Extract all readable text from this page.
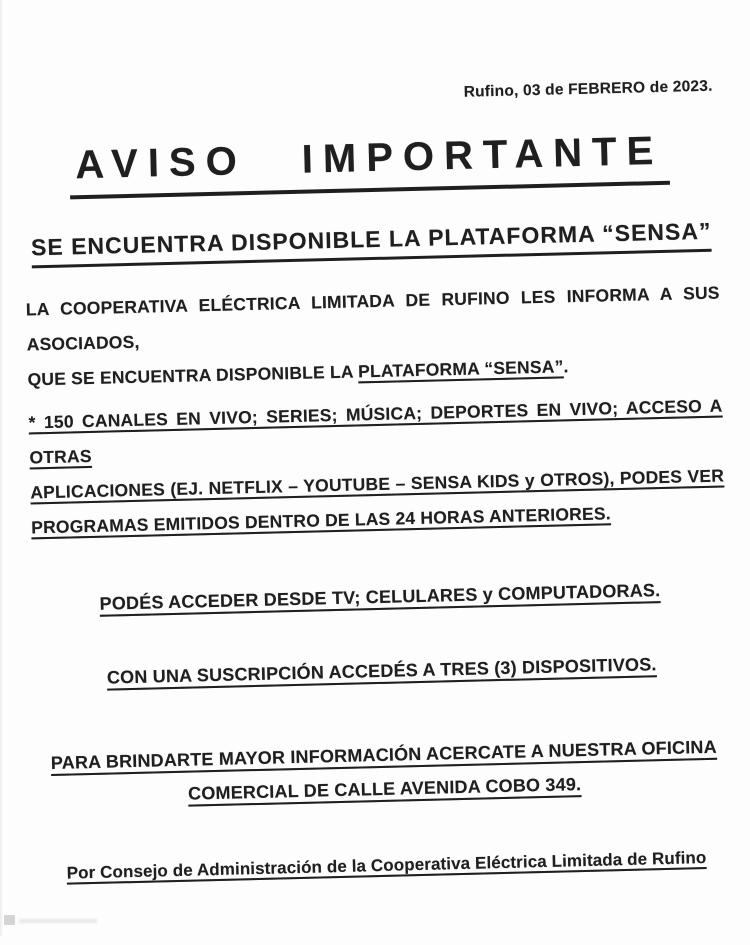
Rufino, 03 de FEBRERO de 2023.
AVISO IMPORTANTE
SE ENCUENTRA DISPONIBLE LA PLATAFORMA “SENSA”
LA COOPERATIVA ELÉCTRICA LIMITADA DE RUFINO LES INFORMA A SUS ASOCIADOS,
QUE SE ENCUENTRA DISPONIBLE LA PLATAFORMA “SENSA”.
* 150 CANALES EN VIVO; SERIES; MÚSICA; DEPORTES EN VIVO; ACCESO A OTRAS
APLICACIONES (EJ. NETFLIX – YOUTUBE – SENSA KIDS y OTROS), PODES VER
PROGRAMAS EMITIDOS DENTRO DE LAS 24 HORAS ANTERIORES.
PODÉS ACCEDER DESDE TV; CELULARES y COMPUTADORAS.
CON UNA SUSCRIPCIÓN ACCEDÉS A TRES (3) DISPOSITIVOS.
PARA BRINDARTE MAYOR INFORMACIÓN ACERCATE A NUESTRA OFICINA
COMERCIAL DE CALLE AVENIDA COBO 349.
Por Consejo de Administración de la Cooperativa Eléctrica Limitada de Rufino
